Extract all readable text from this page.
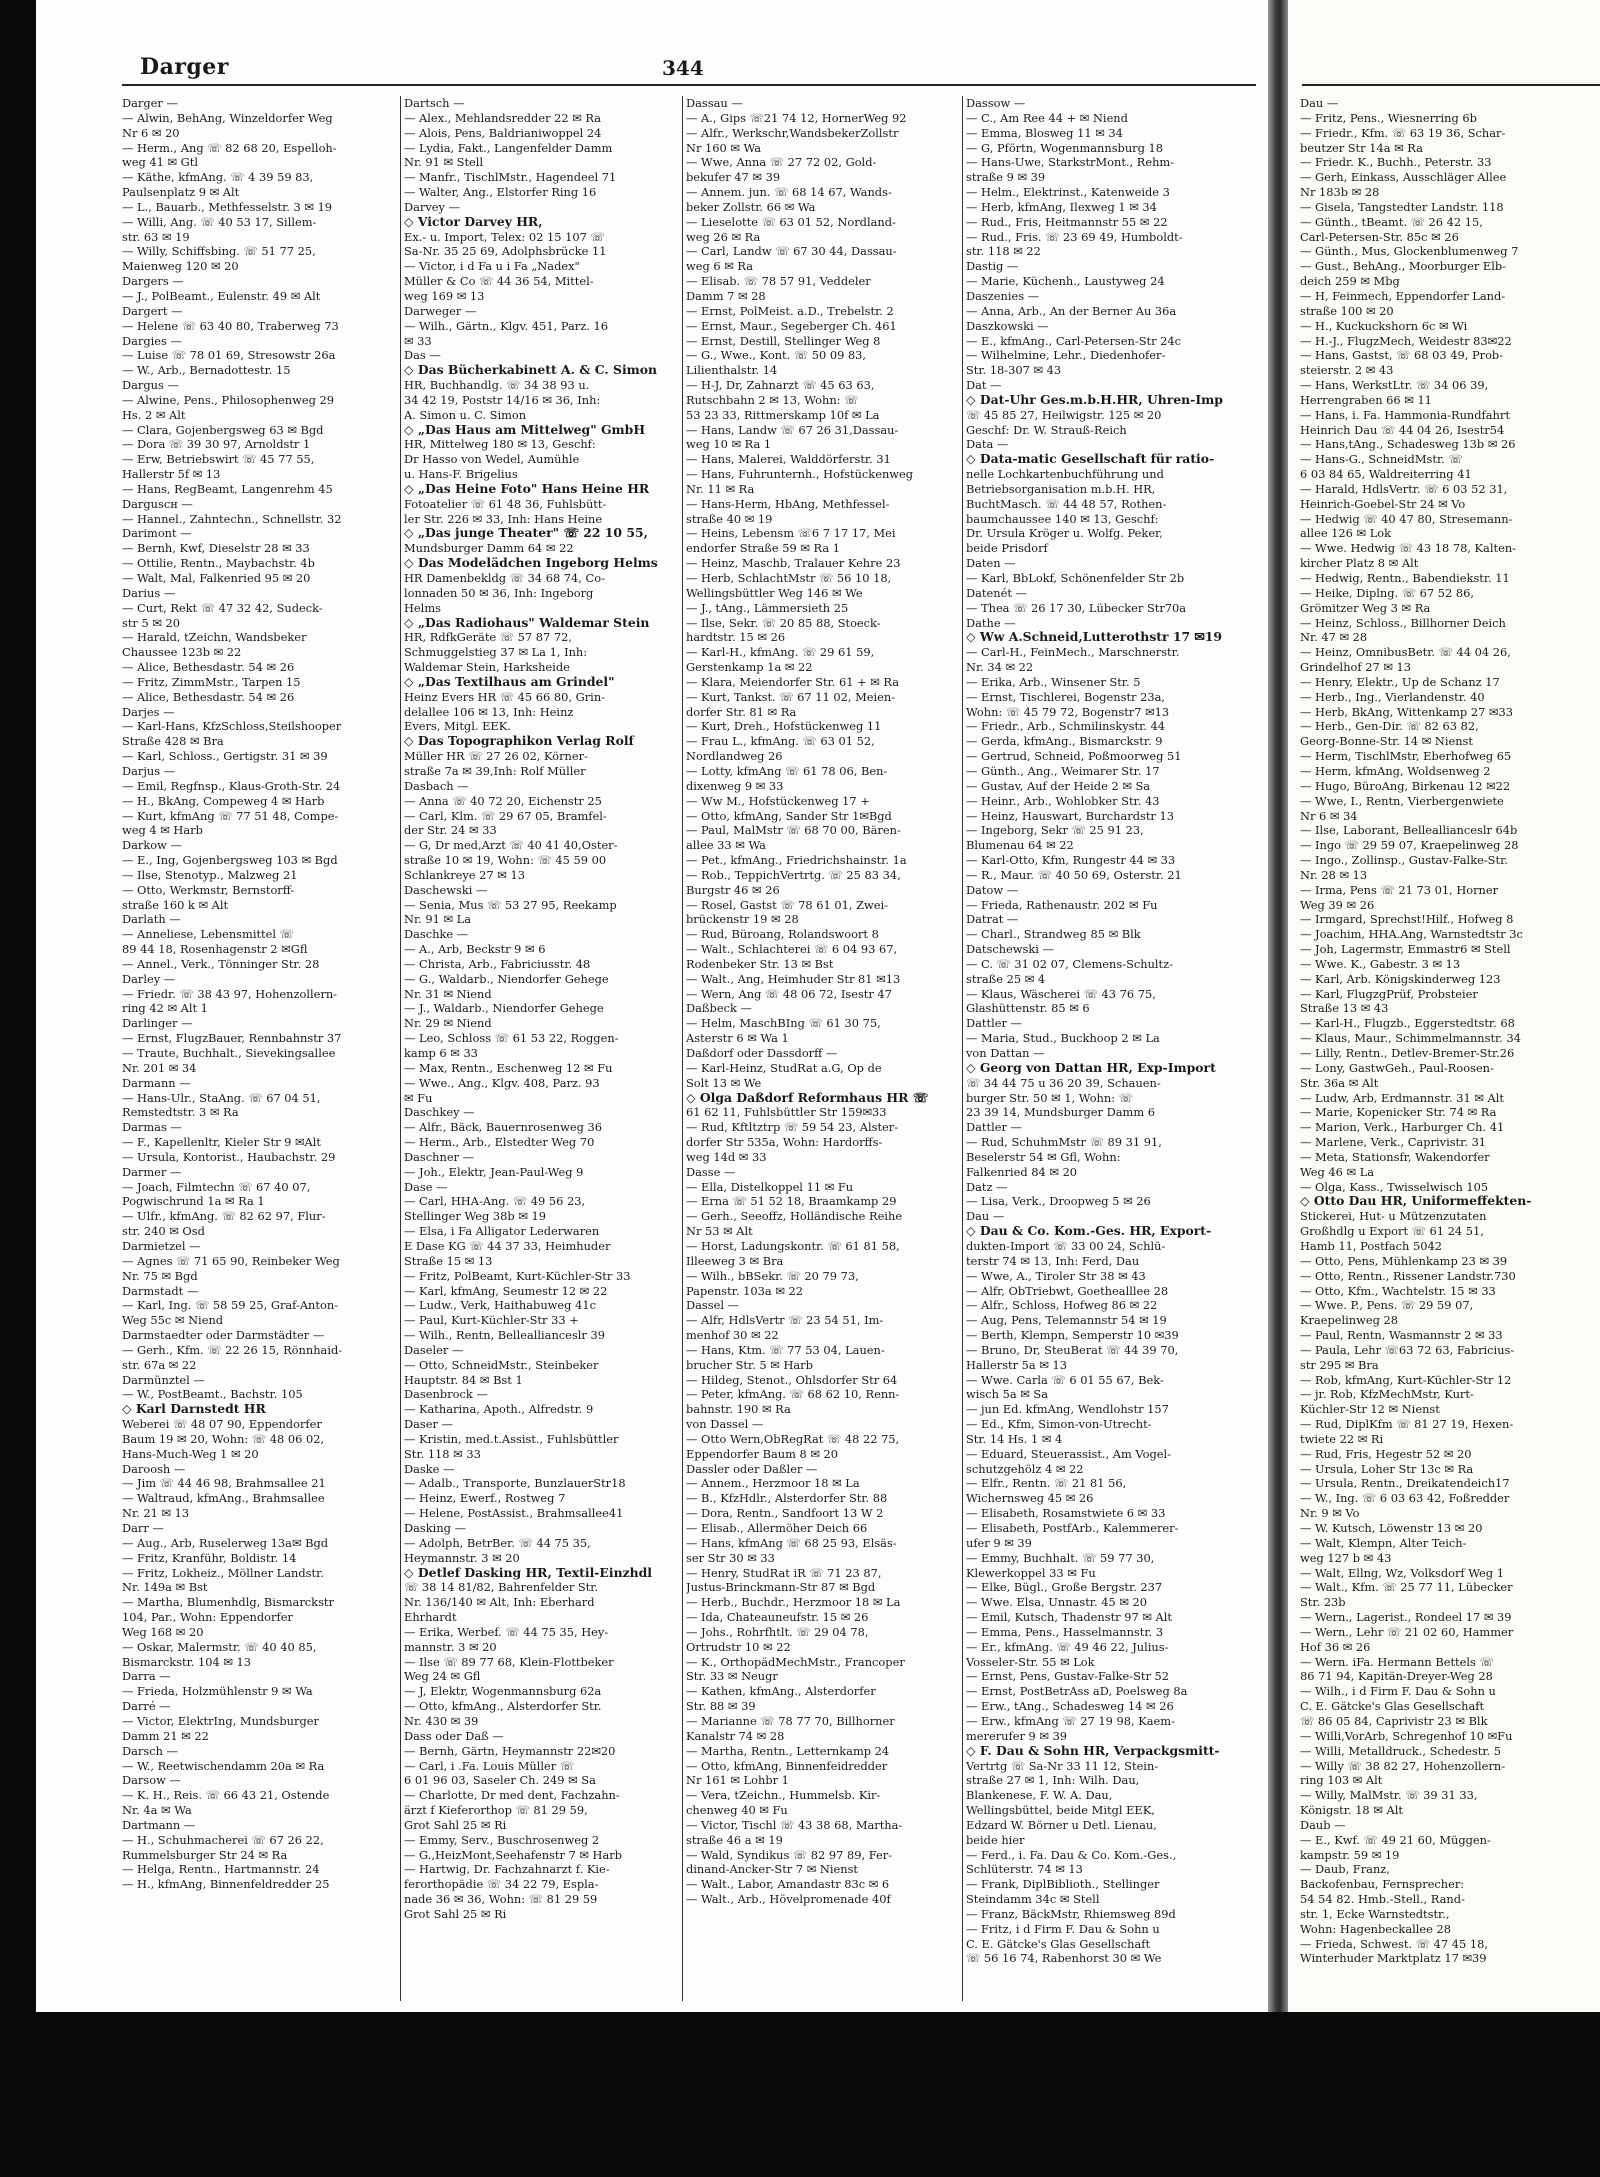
Darger	344
Darger —
— Alwin, BehAng, Winzeldorfer Weg
Nr 6 ✉ 20
— Herm., Ang ☏ 82 68 20, Espelloh-
weg 41 ✉ Gtl
— Käthe, kfmAng. ☏ 4 39 59 83,
Paulsenplatz 9 ✉ Alt
— L., Bauarb., Methfesselstr. 3 ✉ 19
— Willi, Ang. ☏ 40 53 17, Sillem-
str. 63 ✉ 19
— Willy, Schiffsbing. ☏ 51 77 25,
Maienweg 120 ✉ 20
Dargers —
— J., PolBeamt., Eulenstr. 49 ✉ Alt
Dargert —
— Helene ☏ 63 40 80, Traberweg 73
Dargies —
— Luise ☏ 78 01 69, Stresowstr 26a
— W., Arb., Bernadottestr. 15
Dargus —
— Alwine, Pens., Philosophenweg 29
Hs. 2 ✉ Alt
— Clara, Gojenbergsweg 63 ✉ Bgd
— Dora ☏ 39 30 97, Arnoldstr 1
— Erw, Betriebswirt ☏ 45 77 55,
Hallerstr 5f ✉ 13
— Hans, RegBeamt, Langenrehm 45
Darguscн —
— Hannel., Zahntechn., Schnellstr. 32
Darimont —
— Bernh, Kwf, Dieselstr 28 ✉ 33
— Ottilie, Rentn., Maybachstr. 4b
— Walt, Mal, Falkenried 95 ✉ 20
Darius —
— Curt, Rekt ☏ 47 32 42, Sudeck-
str 5 ✉ 20
— Harald, tZeichn, Wandsbeker
Chaussee 123b ✉ 22
— Alice, Bethesdastr. 54 ✉ 26
— Fritz, ZimmMstr., Tarpen 15
— Alice, Bethesdastr. 54 ✉ 26
Darjes —
— Karl-Hans, KfzSchloss,Steilshooper
Straße 428 ✉ Bra
— Karl, Schloss., Gertigstr. 31 ✉ 39
Darjus —
— Emil, Regfnsp., Klaus-Groth-Str. 24
— H., BkAng, Compeweg 4 ✉ Harb
— Kurt, kfmAng ☏ 77 51 48, Compe-
weg 4 ✉ Harb
Darkow —
— E., Ing, Gojenbergsweg 103 ✉ Bgd
— Ilse, Stenotyp., Malzweg 21
— Otto, Werkmstr, Bernstorff-
straße 160 k ✉ Alt
Darlath —
— Anneliese, Lebensmittel ☏
89 44 18, Rosenhagenstr 2 ✉Gfl
— Annel., Verk., Tönninger Str. 28
Darley —
— Friedr. ☏ 38 43 97, Hohenzollern-
ring 42 ✉ Alt 1
Darlinger —
— Ernst, FlugzBauer, Rennbahnstr 37
— Traute, Buchhalt., Sievekingsallee
Nr. 201 ✉ 34
Darmann —
— Hans-Ulr., StaAng. ☏ 67 04 51,
Remstedtstr. 3 ✉ Ra
Darmas —
— F., Kapellenltr, Kieler Str 9 ✉Alt
— Ursula, Kontorist., Haubachstr. 29
Darmer —
— Joach, Filmtechn ☏ 67 40 07,
Pogwischrund 1a ✉ Ra 1
— Ulfr., kfmAng. ☏ 82 62 97, Flur-
str. 240 ✉ Osd
Darmietzel —
— Agnes ☏ 71 65 90, Reinbeker Weg
Nr. 75 ✉ Bgd
Darmstadt —
— Karl, Ing. ☏ 58 59 25, Graf-Anton-
Weg 55c ✉ Niend
Darmstaedter oder Darmstädter —
— Gerh., Kfm. ☏ 22 26 15, Rönnhaid-
str. 67a ✉ 22
Darmünztel —
— W., PostBeamt., Bachstr. 105
◇ Karl Darnstedt HR
Weberei ☏ 48 07 90, Eppendorfer
Baum 19 ✉ 20, Wohn: ☏ 48 06 02,
Hans-Much-Weg 1 ✉ 20
Daroosh —
— Jim ☏ 44 46 98, Brahmsallee 21
— Waltraud, kfmAng., Brahmsallee
Nr. 21 ✉ 13
Darr —
— Aug., Arb, Ruselerweg 13a✉ Bgd
— Fritz, Kranführ, Boldistr. 14
— Fritz, Lokheiz., Möllner Landstr.
Nr. 149a ✉ Bst
— Martha, Blumenhdlg, Bismarckstr
104, Par., Wohn: Eppendorfer
Weg 168 ✉ 20
— Oskar, Malermstr. ☏ 40 40 85,
Bismarckstr. 104 ✉ 13
Darra —
— Frieda, Holzmühlenstr 9 ✉ Wa
Darré —
— Victor, ElektrIng, Mundsburger
Damm 21 ✉ 22
Darsch —
— W., Reetwischendamm 20a ✉ Ra
Darsow —
— K. H., Reis. ☏ 66 43 21, Ostende
Nr. 4a ✉ Wa
Dartmann —
— H., Schuhmacherei ☏ 67 26 22,
Rummelsburger Str 24 ✉ Ra
— Helga, Rentn., Hartmannstr. 24
— H., kfmAng, Binnenfeldredder 25
Dartsch —
— Alex., Mehlandsredder 22 ✉ Ra
— Alois, Pens, Baldrianiwoppel 24
— Lydia, Fakt., Langenfelder Damm
Nr. 91 ✉ Stell
— Manfr., TischlMstr., Hagendeel 71
— Walter, Ang., Elstorfer Ring 16
Darvey —
◇ Victor Darvey HR,
Ex.- u. Import, Telex: 02 15 107 ☏
Sa-Nr. 35 25 69, Adolphsbrücke 11
— Victor, i d Fa u i Fa „Nadex"
Müller & Co ☏ 44 36 54, Mittel-
weg 169 ✉ 13
Darweger —
— Wilh., Gärtn., Klgv. 451, Parz. 16
✉ 33
Das —
◇ Das Bücherkabinett A. & C. Simon
HR, Buchhandlg. ☏ 34 38 93 u.
34 42 19, Poststr 14/16 ✉ 36, Inh:
A. Simon u. C. Simon
◇ „Das Haus am Mittelweg" GmbH
HR, Mittelweg 180 ✉ 13, Geschf:
Dr Hasso von Wedel, Aumühle
u. Hans-F. Brigelius
◇ „Das Heine Foto" Hans Heine HR
Fotoatelier ☏ 61 48 36, Fuhlsbütt-
ler Str. 226 ✉ 33, Inh: Hans Heine
◇ „Das junge Theater" ☏ 22 10 55,
Mundsburger Damm 64 ✉ 22
◇ Das Modelädchen Ingeborg Helms
HR Damenbekldg ☏ 34 68 74, Co-
lonnaden 50 ✉ 36, Inh: Ingeborg
Helms
◇ „Das Radiohaus" Waldemar Stein
HR, RdfkGeräte ☏ 57 87 72,
Schmuggelstieg 37 ✉ La 1, Inh:
Waldemar Stein, Harksheide
◇ „Das Textilhaus am Grindel"
Heinz Evers HR ☏ 45 66 80, Grin-
delallee 106 ✉ 13, Inh: Heinz
Evers, Mitgl. EEK.
◇ Das Topographikon Verlag Rolf
Müller HR ☏ 27 26 02, Körner-
straße 7a ✉ 39,Inh: Rolf Müller
Dasbach —
— Anna ☏ 40 72 20, Eichenstr 25
— Carl, Klm. ☏ 29 67 05, Bramfel-
der Str. 24 ✉ 33
— G, Dr med,Arzt ☏ 40 41 40,Oster-
straße 10 ✉ 19, Wohn: ☏ 45 59 00
Schlankreye 27 ✉ 13
Daschewski —
— Senia, Mus ☏ 53 27 95, Reekamp
Nr. 91 ✉ La
Daschke —
— A., Arb, Beckstr 9 ✉ 6
— Christa, Arb., Fabriciusstr. 48
— G., Waldarb., Niendorfer Gehege
Nr. 31 ✉ Niend
— J., Waldarb., Niendorfer Gehege
Nr. 29 ✉ Niend
— Leo, Schloss ☏ 61 53 22, Roggen-
kamp 6 ✉ 33
— Max, Rentn., Eschenweg 12 ✉ Fu
— Wwe., Ang., Klgv. 408, Parz. 93
✉ Fu
Daschkey —
— Alfr., Bäck, Bauernrosenweg 36
— Herm., Arb., Elstedter Weg 70
Daschner —
— Joh., Elektr, Jean-Paul-Weg 9
Dase —
— Carl, HHA-Ang. ☏ 49 56 23,
Stellinger Weg 38b ✉ 19
— Elsa, i Fa Alligator Lederwaren
E Dase KG ☏ 44 37 33, Heimhuder
Straße 15 ✉ 13
— Fritz, PolBeamt, Kurt-Küchler-Str 33
— Karl, kfmAng, Seumestr 12 ✉ 22
— Ludw., Verk, Haithabuweg 41c
— Paul, Kurt-Küchler-Str 33 +
— Wilh., Rentn, Belleallianceslr 39
Daseler —
— Otto, SchneidMstr., Steinbeker
Hauptstr. 84 ✉ Bst 1
Dasenbrock —
— Katharina, Apoth., Alfredstr. 9
Daser —
— Kristin, med.t.Assist., Fuhlsbüttler
Str. 118 ✉ 33
Daske —
— Adalb., Transporte, BunzlauerStr18
— Heinz, Ewerf., Rostweg 7
— Helene, PostAssist., Brahmsallee41
Dasking —
— Adolph, BetrBer. ☏ 44 75 35,
Heymannstr. 3 ✉ 20
◇ Detlef Dasking HR, Textil-Einzhdl
☏ 38 14 81/82, Bahrenfelder Str.
Nr. 136/140 ✉ Alt, Inh: Eberhard
Ehrhardt
— Erika, Werbef. ☏ 44 75 35, Hey-
mannstr. 3 ✉ 20
— Ilse ☏ 89 77 68, Klein-Flottbeker
Weg 24 ✉ Gfl
— J, Elektr, Wogenmannsburg 62a
— Otto, kfmAng., Alsterdorfer Str.
Nr. 430 ✉ 39
Dass oder Daß —
— Bernh, Gärtn, Heymannstr 22✉20
— Carl, i .Fa. Louis Müller ☏
6 01 96 03, Saseler Ch. 249 ✉ Sa
— Charlotte, Dr med dent, Fachzahn-
ärzt f Kieferorthop ☏ 81 29 59,
Grot Sahl 25 ✉ Ri
— Emmy, Serv., Buschrosenweg 2
— G.,HeizMont,Seehafenstr 7 ✉ Harb
— Hartwig, Dr. Fachzahnarzt f. Kie-
ferorthopädie ☏ 34 22 79, Espla-
nade 36 ✉ 36, Wohn: ☏ 81 29 59
Grot Sahl 25 ✉ Ri
Dassau —
— A., Gips ☏21 74 12, HornerWeg 92
— Alfr., Werkschr,WandsbekerZollstr
Nr 160 ✉ Wa
— Wwe, Anna ☏ 27 72 02, Gold-
bekufer 47 ✉ 39
— Annem. jun. ☏ 68 14 67, Wands-
beker Zollstr. 66 ✉ Wa
— Lieselotte ☏ 63 01 52, Nordland-
weg 26 ✉ Ra
— Carl, Landw ☏ 67 30 44, Dassau-
weg 6 ✉ Ra
— Elisab. ☏ 78 57 91, Veddeler
Damm 7 ✉ 28
— Ernst, PolMeist. a.D., Trebelstr. 2
— Ernst, Maur., Segeberger Ch. 461
— Ernst, Destill, Stellinger Weg 8
— G., Wwe., Kont. ☏ 50 09 83,
Lilienthalstr. 14
— H-J, Dr, Zahnarzt ☏ 45 63 63,
Rutschbahn 2 ✉ 13, Wohn: ☏
53 23 33, Rittmerskamp 10f ✉ La
— Hans, Landw ☏ 67 26 31,Dassau-
weg 10 ✉ Ra 1
— Hans, Malerei, Walddörferstr. 31
— Hans, Fuhrunternh., Hofstückenweg
Nr. 11 ✉ Ra
— Hans-Herm, HbAng, Methfessel-
straße 40 ✉ 19
— Heins, Lebensm ☏6 7 17 17, Mei
endorfer Straße 59 ✉ Ra 1
— Heinz, Maschb, Tralauer Kehre 23
— Herb, SchlachtMstr ☏ 56 10 18,
Wellingsbüttler Weg 146 ✉ We
— J., tAng., Lämmersieth 25
— Ilse, Sekr. ☏ 20 85 88, Stoeck-
hardtstr. 15 ✉ 26
— Karl-H., kfmAng. ☏ 29 61 59,
Gerstenkamp 1a ✉ 22
— Klara, Meiendorfer Str. 61 + ✉ Ra
— Kurt, Tankst. ☏ 67 11 02, Meien-
dorfer Str. 81 ✉ Ra
— Kurt, Dreh., Hofstückenweg 11
— Frau L., kfmAng. ☏ 63 01 52,
Nordlandweg 26
— Lotty, kfmAng ☏ 61 78 06, Ben-
dixenweg 9 ✉ 33
— Ww M., Hofstückenweg 17 +
— Otto, kfmAng, Sander Str 1✉Bgd
— Paul, MalMstr ☏ 68 70 00, Bären-
allee 33 ✉ Wa
— Pet., kfmAng., Friedrichshainstr. 1a
— Rob., TeppichVertrtg. ☏ 25 83 34,
Burgstr 46 ✉ 26
— Rosel, Gastst ☏ 78 61 01, Zwei-
brückenstr 19 ✉ 28
— Rud, Büroang, Rolandswoort 8
— Walt., Schlachterei ☏ 6 04 93 67,
Rodenbeker Str. 13 ✉ Bst
— Walt., Ang, Heimhuder Str 81 ✉13
— Wern, Ang ☏ 48 06 72, Isestr 47
Daßbeck —
— Helm, MaschBIng ☏ 61 30 75,
Asterstr 6 ✉ Wa 1
Daßdorf oder Dassdorff —
— Karl-Heinz, StudRat a.G, Op de
Solt 13 ✉ We
◇ Olga Daßdorf Reformhaus HR ☏
61 62 11, Fuhlsbüttler Str 159✉33
— Rud, Kftltztrp ☏ 59 54 23, Alster-
dorfer Str 535a, Wohn: Hardorffs-
weg 14d ✉ 33
Dasse —
— Ella, Distelkoppel 11 ✉ Fu
— Erna ☏ 51 52 18, Braamkamp 29
— Gerh., Seeoffz, Holländische Reihe
Nr 53 ✉ Alt
— Horst, Ladungskontr. ☏ 61 81 58,
Illeeweg 3 ✉ Bra
— Wilh., bBSekr. ☏ 20 79 73,
Papenstr. 103a ✉ 22
Dassel —
— Alfr, HdlsVertr ☏ 23 54 51, Im-
menhof 30 ✉ 22
— Hans, Ktm. ☏ 77 53 04, Lauen-
brucher Str. 5 ✉ Harb
— Hildeg, Stenot., Ohlsdorfer Str 64
— Peter, kfmAng. ☏ 68 62 10, Renn-
bahnstr. 190 ✉ Ra
von Dassel —
— Otto Wern,ObRegRat ☏ 48 22 75,
Eppendorfer Baum 8 ✉ 20
Dassler oder Daßler —
— Annem., Herzmoor 18 ✉ La
— B., KfzHdlr., Alsterdorfer Str. 88
— Dora, Rentn., Sandfoort 13 W 2
— Elisab., Allermöher Deich 66
— Hans, kfmAng ☏ 68 25 93, Elsäs-
ser Str 30 ✉ 33
— Henry, StudRat iR ☏ 71 23 87,
Justus-Brinckmann-Str 87 ✉ Bgd
— Herb., Buchdr., Herzmoor 18 ✉ La
— Ida, Chateauneufstr. 15 ✉ 26
— Johs., Rohrfhtlt. ☏ 29 04 78,
Ortrudstr 10 ✉ 22
— K., OrthopädMechMstr., Francoper
Str. 33 ✉ Neugr
— Kathen, kfmAng., Alsterdorfer
Str. 88 ✉ 39
— Marianne ☏ 78 77 70, Billhorner
Kanalstr 74 ✉ 28
— Martha, Rentn., Letternkamp 24
— Otto, kfmAng, Binnenfeidredder
Nr 161 ✉ Lohbr 1
— Vera, tZeichn., Hummelsb. Kir-
chenweg 40 ✉ Fu
— Victor, Tischl ☏ 43 38 68, Martha-
straße 46 a ✉ 19
— Wald, Syndikus ☏ 82 97 89, Fer-
dinand-Ancker-Str 7 ✉ Nienst
— Walt., Labor, Amandastr 83c ✉ 6
— Walt., Arb., Hövelpromenade 40f
Dassow —
— C., Am Ree 44 + ✉ Niend
— Emma, Blosweg 11 ✉ 34
— G, Pförtn, Wogenmannsburg 18
— Hans-Uwe, StarkstrMont., Rehm-
straße 9 ✉ 39
— Helm., Elektrinst., Katenweide 3
— Herb, kfmAng, Ilexweg 1 ✉ 34
— Rud., Fris, Heitmannstr 55 ✉ 22
— Rud., Fris. ☏ 23 69 49, Humboldt-
str. 118 ✉ 22
Dastig —
— Marie, Küchenh., Laustyweg 24
Daszenies —
— Anna, Arb., An der Berner Au 36a
Daszkowski —
— E., kfmAng., Carl-Petersen-Str 24c
— Wilhelmine, Lehr., Diedenhofer-
Str. 18-307 ✉ 43
Dat —
◇ Dat-Uhr Ges.m.b.H.HR, Uhren-Imp
☏ 45 85 27, Heilwigstr. 125 ✉ 20
Geschf: Dr. W. Strauß-Reich
Data —
◇ Data-matic Gesellschaft für ratio-
nelle Lochkartenbuchführung und
Betriebsorganisation m.b.H. HR,
BuchtMasch. ☏ 44 48 57, Rothen-
baumchaussee 140 ✉ 13, Geschf:
Dr. Ursula Kröger u. Wolfg. Peker,
beide Prisdorf
Daten —
— Karl, BbLokf, Schönenfelder Str 2b
Datenét —
— Thea ☏ 26 17 30, Lübecker Str70a
Dathe —
◇ Ww A.Schneid,Lutterothstr 17 ✉19
— Carl-H., FeinMech., Marschnerstr.
Nr. 34 ✉ 22
— Erika, Arb., Winsener Str. 5
— Ernst, Tischlerei, Bogenstr 23a,
Wohn: ☏ 45 79 72, Bogenstr7 ✉13
— Friedr., Arb., Schmilinskystr. 44
— Gerda, kfmAng., Bismarckstr. 9
— Gertrud, Schneid, Poßmoorweg 51
— Günth., Ang., Weimarer Str. 17
— Gustav, Auf der Heide 2 ✉ Sa
— Heinr., Arb., Wohlobker Str. 43
— Heinz, Hauswart, Burchardstr 13
— Ingeborg, Sekr ☏ 25 91 23,
Blumenau 64 ✉ 22
— Karl-Otto, Kfm, Rungestr 44 ✉ 33
— R., Maur. ☏ 40 50 69, Osterstr. 21
Datow —
— Frieda, Rathenaustr. 202 ✉ Fu
Datrat —
— Charl., Strandweg 85 ✉ Blk
Datschewski —
— C. ☏ 31 02 07, Clemens-Schultz-
straße 25 ✉ 4
— Klaus, Wäscherei ☏ 43 76 75,
Glashüttenstr. 85 ✉ 6
Dattler —
— Maria, Stud., Buckhoop 2 ✉ La
von Dattan —
◇ Georg von Dattan HR, Exp-Import
☏ 34 44 75 u 36 20 39, Schauen-
burger Str. 50 ✉ 1, Wohn: ☏
23 39 14, Mundsburger Damm 6
Dattler —
— Rud, SchuhmMstr ☏ 89 31 91,
Beselerstr 54 ✉ Gfl, Wohn:
Falkenried 84 ✉ 20
Datz —
— Lisa, Verk., Droopweg 5 ✉ 26
Dau —
◇ Dau & Co. Kom.-Ges. HR, Export-
dukten-Import ☏ 33 00 24, Schlü-
terstr 74 ✉ 13, Inh: Ferd, Dau
— Wwe, A., Tiroler Str 38 ✉ 43
— Alfr, ObTriebwt, Goethealllee 28
— Alfr., Schloss, Hofweg 86 ✉ 22
— Aug, Pens, Telemannstr 54 ✉ 19
— Berth, Klempn, Semperstr 10 ✉39
— Bruno, Dr, SteuBerat ☏ 44 39 70,
Hallerstr 5a ✉ 13
— Wwe. Carla ☏ 6 01 55 67, Bek-
wisch 5a ✉ Sa
— jun Ed. kfmAng, Wendlohstr 157
— Ed., Kfm, Simon-von-Utrecht-
Str. 14 Hs. 1 ✉ 4
— Eduard, Steuerassist., Am Vogel-
schutzgehölz 4 ✉ 22
— Elfr., Rentn. ☏ 21 81 56,
Wichernsweg 45 ✉ 26
— Elisabeth, Rosamstwiete 6 ✉ 33
— Elisabeth, PostfArb., Kalemmerer-
ufer 9 ✉ 39
— Emmy, Buchhalt. ☏ 59 77 30,
Klewerkoppel 33 ✉ Fu
— Elke, Bügl., Große Bergstr. 237
— Wwe. Elsa, Unnastr. 45 ✉ 20
— Emil, Kutsch, Thadenstr 97 ✉ Alt
— Emma, Pens., Hasselmannstr. 3
— Er., kfmAng. ☏ 49 46 22, Julius-
Vosseler-Str. 55 ✉ Lok
— Ernst, Pens, Gustav-Falke-Str 52
— Ernst, PostBetrAss aD, Poelsweg 8a
— Erw., tAng., Schadesweg 14 ✉ 26
— Erw., kfmAng ☏ 27 19 98, Kaem-
mererufer 9 ✉ 39
◇ F. Dau & Sohn HR, Verpackgsmitt-
Vertrtg ☏ Sa-Nr 33 11 12, Stein-
straße 27 ✉ 1, Inh: Wilh. Dau,
Blankenese, F. W. A. Dau,
Wellingsbüttel, beide Mitgl EEK,
Edzard W. Börner u Detl. Lienau,
beide hier
— Ferd., i. Fa. Dau & Co. Kom.-Ges.,
Schlüterstr. 74 ✉ 13
— Frank, DiplBiblioth., Stellinger
Steindamm 34c ✉ Stell
— Franz, BäckMstr, Rhiemsweg 89d
— Fritz, i d Firm F. Dau & Sohn u
C. E. Gätcke's Glas Gesellschaft
☏ 56 16 74, Rabenhorst 30 ✉ We
Dau —
— Fritz, Pens., Wiesnerring 6b
— Friedr., Kfm. ☏ 63 19 36, Schar-
beutzer Str 14a ✉ Ra
— Friedr. K., Buchh., Peterstr. 33
— Gerh, Einkass, Ausschläger Allee
Nr 183b ✉ 28
— Gisela, Tangstedter Landstr. 118
— Günth., tBeamt. ☏ 26 42 15,
Carl-Petersen-Str. 85c ✉ 26
— Günth., Mus, Glockenblumenweg 7
— Gust., BehAng., Moorburger Elb-
deich 259 ✉ Mbg
— H, Feinmech, Eppendorfer Land-
straße 100 ✉ 20
— H., Kuckuckshorn 6c ✉ Wi
— H.-J., FlugzMech, Weidestr 83✉22
— Hans, Gastst, ☏ 68 03 49, Prob-
steierstr. 2 ✉ 43
— Hans, WerkstLtr. ☏ 34 06 39,
Herrengraben 66 ✉ 11
— Hans, i. Fa. Hammonia-Rundfahrt
Heinrich Dau ☏ 44 04 26, Isestr54
— Hans,tAng., Schadesweg 13b ✉ 26
— Hans-G., SchneidMstr. ☏
6 03 84 65, Waldreiterring 41
— Harald, HdlsVertr. ☏ 6 03 52 31,
Heinrich-Goebel-Str 24 ✉ Vo
— Hedwig ☏ 40 47 80, Stresemann-
allee 126 ✉ Lok
— Wwe. Hedwig ☏ 43 18 78, Kalten-
kircher Platz 8 ✉ Alt
— Hedwig, Rentn., Babendiekstr. 11
— Heike, Diplng. ☏ 67 52 86,
Grömitzer Weg 3 ✉ Ra
— Heinz, Schloss., Billhorner Deich
Nr. 47 ✉ 28
— Heinz, OmnibusBetr. ☏ 44 04 26,
Grindelhof 27 ✉ 13
— Henry, Elektr., Up de Schanz 17
— Herb., Ing., Vierlandenstr. 40
— Herb, BkAng, Wittenkamp 27 ✉33
— Herb., Gen-Dir. ☏ 82 63 82,
Georg-Bonne-Str. 14 ✉ Nienst
— Herm, TischlMstr, Eberhofweg 65
— Herm, kfmAng, Woldsenweg 2
— Hugo, BüroAng, Birkenau 12 ✉22
— Wwe, I., Rentn, Vierbergenwiete
Nr 6 ✉ 34
— Ilse, Laborant, Belleallianceslr 64b
— Ingo ☏ 29 59 07, Kraepelinweg 28
— Ingo., Zollinsp., Gustav-Falke-Str.
Nr. 28 ✉ 13
— Irma, Pens ☏ 21 73 01, Horner
Weg 39 ✉ 26
— Irmgard, Sprechst!Hilf., Hofweg 8
— Joachim, HHA.Ang, Warnstedtstr 3c
— Joh, Lagermstr, Emmastr6 ✉ Stell
— Wwe. K., Gabestr. 3 ✉ 13
— Karl, Arb. Königskinderweg 123
— Karl, FlugzgPrüf, Probsteier
Straße 13 ✉ 43
— Karl-H., Flugzb., Eggerstedtstr. 68
— Klaus, Maur., Schimmelmannstr. 34
— Lilly, Rentn., Detlev-Bremer-Str.26
— Lony, GastwGeh., Paul-Roosen-
Str. 36a ✉ Alt
— Ludw, Arb, Erdmannstr. 31 ✉ Alt
— Marie, Kopenicker Str. 74 ✉ Ra
— Marion, Verk., Harburger Ch. 41
— Marlene, Verk., Caprivistr. 31
— Meta, Stationsfr, Wakendorfer
Weg 46 ✉ La
— Olga, Kass., Twisselwisch 105
◇ Otto Dau HR, Uniformeffekten-
Stickerei, Hut- u Mützenzutaten
Großhdlg u Export ☏ 61 24 51,
Hamb 11, Postfach 5042
— Otto, Pens, Mühlenkamp 23 ✉ 39
— Otto, Rentn., Rissener Landstr.730
— Otto, Kfm., Wachtelstr. 15 ✉ 33
— Wwe. P., Pens. ☏ 29 59 07,
Kraepelinweg 28
— Paul, Rentn, Wasmannstr 2 ✉ 33
— Paula, Lehr ☏63 72 63, Fabricius-
str 295 ✉ Bra
— Rob, kfmAng, Kurt-Küchler-Str 12
— jr. Rob, KfzMechMstr, Kurt-
Küchler-Str 12 ✉ Nienst
— Rud, DiplKfm ☏ 81 27 19, Hexen-
twiete 22 ✉ Ri
— Rud, Fris, Hegestr 52 ✉ 20
— Ursula, Loher Str 13c ✉ Ra
— Ursula, Rentn., Dreikatendeich17
— W., Ing. ☏ 6 03 63 42, Foßredder
Nr. 9 ✉ Vo
— W. Kutsch, Löwenstr 13 ✉ 20
— Walt, Klempn, Alter Teich-
weg 127 b ✉ 43
— Walt, Ellng, Wz, Volksdorf Weg 1
— Walt., Kfm. ☏ 25 77 11, Lübecker
Str. 23b
— Wern., Lagerist., Rondeel 17 ✉ 39
— Wern., Lehr ☏ 21 02 60, Hammer
Hof 36 ✉ 26
— Wern. iFa. Hermann Bettels ☏
86 71 94, Kapitän-Dreyer-Weg 28
— Wilh., i d Firm F. Dau & Sohn u
C. E. Gätcke's Glas Gesellschaft
☏ 86 05 84, Caprivistr 23 ✉ Blk
— Willi,VorArb, Schregenhof 10 ✉Fu
— Willi, Metalldruck., Schedestr. 5
— Willy ☏ 38 82 27, Hohenzollern-
ring 103 ✉ Alt
— Willy, MalMstr. ☏ 39 31 33,
Königstr. 18 ✉ Alt
Daub —
— E., Kwf. ☏ 49 21 60, Müggen-
kampstr. 59 ✉ 19
— Daub, Franz,
Backofenbau, Fernsprecher:
54 54 82. Hmb.-Stell., Rand-
str. 1, Ecke Warnstedtstr.,
Wohn: Hagenbeckallee 28
— Frieda, Schwest. ☏ 47 45 18,
Winterhuder Marktplatz 17 ✉39
